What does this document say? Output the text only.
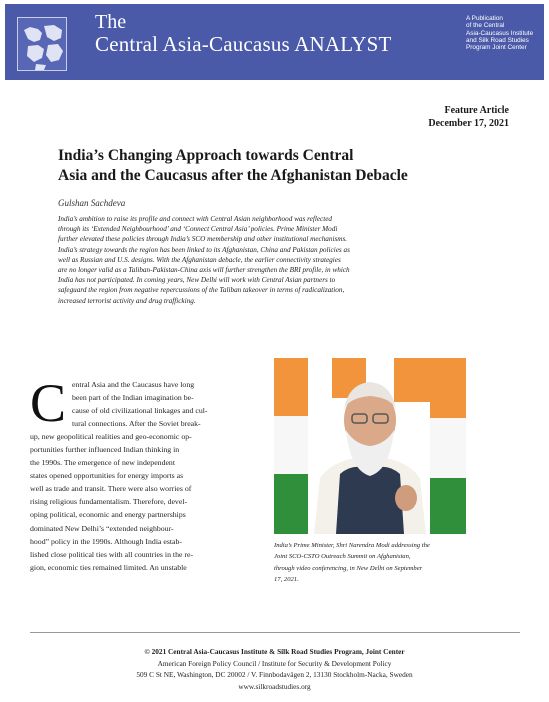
The
Central Asia-Caucasus ANALYST
A Publication
of the Central
Asia-Caucasus Institute
and Silk Road Studies
Program Joint Center
Feature Article
December 17, 2021
India’s Changing Approach towards Central
Asia and the Caucasus after the Afghanistan Debacle
Gulshan Sachdeva
India’s ambition to raise its profile and connect with Central Asian neighborhood was reflected
through its ‘Extended Neighbourhood’ and ‘Connect Central Asia’ policies. Prime Minister Modi
further elevated these policies through India’s SCO membership and other institutional mechanisms.
India’s strategy towards the region has been linked to its Afghanistan, China and Pakistan policies as
well as Russian and U.S. designs. With the Afghanistan debacle, the earlier connectivity strategies
are no longer valid as a Taliban-Pakistan-China axis will further strengthen the BRI profile, in which
India has not participated. In coming years, New Delhi will work with Central Asian partners to
safeguard the region from negative repercussions of the Taliban takeover in terms of radicalization,
increased terrorist activity and drug trafficking.
C entral Asia and the Caucasus have long
been part of the Indian imagination be-
cause of old civilizational linkages and cul-
tural connections. After the Soviet break-
up, new geopolitical realities and geo-economic op-
portunities further influenced Indian thinking in
the 1990s. The emergence of new independent
states opened opportunities for energy imports as
well as trade and transit. There were also worries of
rising religious fundamentalism. Therefore, devel-
oping political, economic and energy partnerships
dominated New Delhi’s “extended neighbour-
hood” policy in the 1990s. Although India estab-
lished close political ties with all countries in the re-
gion, economic ties remained limited. An unstable
India’s Prime Minister, Shri Narendra Modi addressing the
Joint SCO-CSTO Outreach Summit on Afghanistan,
through video conferencing, in New Delhi on September
17, 2021.
© 2021 Central Asia-Caucasus Institute & Silk Road Studies Program, Joint Center
American Foreign Policy Council / Institute for Security & Development Policy
509 C St NE, Washington, DC 20002 / V. Finnbodavägen 2, 13130 Stockholm-Nacka, Sweden
www.silkroadstudies.org
